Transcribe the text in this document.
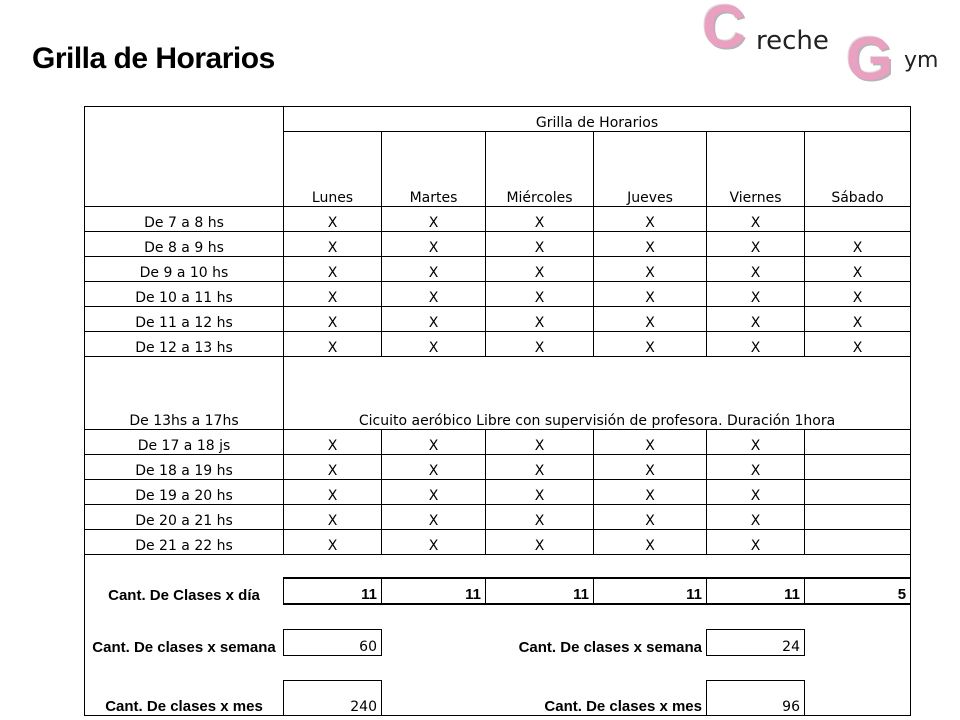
Grilla de Horarios	C reche G ym
	Grilla de Horarios					
	Lunes	Martes	Miércoles	Jueves	Viernes	Sábado
De 7 a 8 hs	X	X	X	X	X	
De 8 a 9 hs	X	X	X	X	X	X
De 9 a 10 hs	X	X	X	X	X	X
De 10 a 11 hs	X	X	X	X	X	X
De 11 a 12 hs	X	X	X	X	X	X
De 12 a 13 hs	X	X	X	X	X	X
De 13hs a 17hs	Cicuito aeróbico Libre con supervisión de profesora. Duración 1hora					
De 17 a 18 js	X	X	X	X	X	
De 18 a 19 hs	X	X	X	X	X	
De 19 a 20 hs	X	X	X	X	X	
De 20 a 21 hs	X	X	X	X	X	
De 21 a 22 hs	X	X	X	X	X	

Cant. De Clases x día	11	11	11	11	11	5

Cant. De clases x semana	60	Cant. De clases x semana			24	

Cant. De clases x mes	240	Cant. De clases x mes			96	
